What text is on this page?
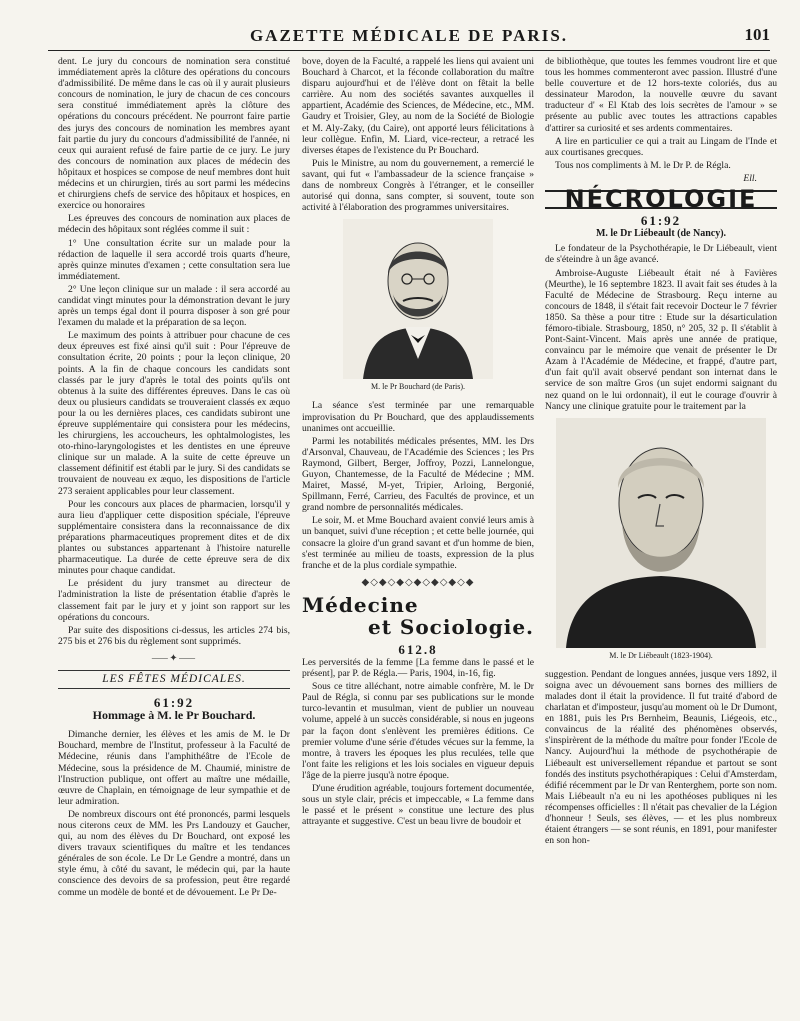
GAZETTE MÉDICALE DE PARIS.	101

dent. Le jury du concours de nomination sera constitué immédiatement après la clôture des opérations du concours d'admissibilité. De même dans le cas où il y aurait plusieurs concours de nomination, le jury de chacun de ces concours sera constitué immédiatement après la clôture des opérations du concours précédent. Ne pourront faire partie des jurys des concours de nomination les membres ayant fait partie du jury du concours d'admissibilité de l'année, ni ceux qui auraient refusé de faire partie de ce jury. Le jury des concours de nomination aux places de médecin des hôpitaux et hospices se compose de neuf membres dont huit médecins et un chirurgien, tirés au sort parmi les médecins et chirurgiens chefs de service des hôpitaux et hospices, en exercice ou honoraires

Les épreuves des concours de nomination aux places de médecin des hôpitaux sont réglées comme il suit :

1° Une consultation écrite sur un malade pour la rédaction de laquelle il sera accordé trois quarts d'heure, après quinze minutes d'examen ; cette consultation sera lue immédiatement.

2° Une leçon clinique sur un malade : il sera accordé au candidat vingt minutes pour la démonstration devant le jury après un temps égal dont il pourra disposer à son gré pour l'examen du malade et la préparation de sa leçon.

Le maximum des points à attribuer pour chacune de ces deux épreuves est fixé ainsi qu'il suit : Pour l'épreuve de consultation écrite, 20 points ; pour la leçon clinique, 20 points. A la fin de chaque concours les candidats sont classés par le jury d'après le total des points qu'ils ont obtenus à la suite des différentes épreuves. Dans le cas où deux ou plusieurs candidats se trouveraient classés ex æquo pour la ou les dernières places, ces candidats subiront une épreuve supplémentaire qui consistera pour les médecins, les chirurgiens, les accoucheurs, les ophtalmologistes, les oto-rhino-laryngologistes et les dentistes en une épreuve clinique sur un malade. A la suite de cette épreuve un classement définitif est établi par le jury. Si des candidats se trouvaient de nouveau ex æquo, les dispositions de l'article 273 seraient applicables pour leur classement.

Pour les concours aux places de pharmacien, lorsqu'il y aura lieu d'appliquer cette disposition spéciale, l'épreuve supplémentaire consistera dans la reconnaissance de dix préparations pharmaceutiques proprement dites et de dix plantes ou substances appartenant à l'histoire naturelle pharmaceutique. La durée de cette épreuve sera de dix minutes pour chaque candidat.

Le président du jury transmet au directeur de l'administration la liste de présentation établie d'après le classement fait par le jury et y joint son rapport sur les opérations du concours.

Par suite des dispositions ci-dessus, les articles 274 bis, 275 bis et 276 bis du règlement sont supprimés.

⸺✦⸺
LES FÊTES MÉDICALES.
61:92
Hommage à M. le Pr Bouchard.

Dimanche dernier, les élèves et les amis de M. le Dr Bouchard, membre de l'Institut, professeur à la Faculté de Médecine, réunis dans l'amphithéâtre de l'Ecole de Médecine, sous la présidence de M. Chaumié, ministre de l'Instruction publique, ont offert au maître une médaille, œuvre de Chaplain, en témoignage de leur sympathie et de leur admiration.

De nombreux discours ont été prononcés, parmi lesquels nous citerons ceux de MM. les Prs Landouzy et Gaucher, qui, au nom des élèves du Dr Bouchard, ont exposé les divers travaux scientifiques du maître et les tendances générales de son école. Le Dr Le Gendre a montré, dans un style ému, à côté du savant, le médecin qui, par la haute conscience des devoirs de sa profession, peut être regardé comme un modèle de bonté et de dévouement. Le Pr De-

bove, doyen de la Faculté, a rappelé les liens qui avaient uni Bouchard à Charcot, et la féconde collaboration du maître disparu aujourd'hui et de l'élève dont on fêtait la belle carrière. Au nom des sociétés savantes auxquelles il appartient, Académie des Sciences, de Médecine, etc., MM. Gaudry et Troisier, Gley, au nom de la Société de Biologie et M. Aly-Zaky, (du Caire), ont apporté leurs félicitations à leur collègue. Enfin, M. Liard, vice-recteur, a retracé les diverses étapes de l'existence du Pr Bouchard.

Puis le Ministre, au nom du gouvernement, a remercié le savant, qui fut « l'ambassadeur de la science française » dans de nombreux Congrès à l'étranger, et le conseiller autorisé qui donna, sans compter, si souvent, toute son activité à l'élaboration des programmes universitaires.

M. le Pr Bouchard (de Paris).

La séance s'est terminée par une remarquable improvisation du Pr Bouchard, que des applaudissements unanimes ont accueillie.

Parmi les notabilités médicales présentes, MM. les Drs d'Arsonval, Chauveau, de l'Académie des Sciences ; les Prs Raymond, Gilbert, Berger, Joffroy, Pozzi, Lannelongue, Guyon, Chantemesse, de la Faculté de Médecine ; MM. Mairet, Massé, M-yet, Tripier, Arloing, Bergonié, Spillmann, Ferré, Carrieu, des Facultés de province, et un grand nombre de personnalités médicales.

Le soir, M. et Mme Bouchard avaient convié leurs amis à un banquet, suivi d'une réception ; et cette belle journée, qui consacre la gloire d'un grand savant et d'un homme de bien, s'est terminée au milieu de toasts, expression de la plus franche et de la plus cordiale sympathie.

◆◇◆◇◆◇◆◇◆◇◆◇◆
Médecine
et Sociologie.
612.8

Les perversités de la femme [La femme dans le passé et le présent], par P. de Régla.— Paris, 1904, in-16, fig.

Sous ce titre alléchant, notre aimable confrère, M. le Dr Paul de Régla, si connu par ses publications sur le monde turco-levantin et musulman, vient de publier un nouveau volume, appelé à un succès considérable, si nous en jugeons par la façon dont s'enlèvent les premières éditions. Ce premier volume d'une série d'études vécues sur la femme, la montre, à travers les époques les plus reculées, telle que l'ont faite les religions et les lois sociales en vigueur depuis l'âge de la pierre jusqu'à notre époque.

D'une érudition agréable, toujours fortement documentée, sous un style clair, précis et impeccable, « La femme dans le passé et le présent » constitue une lecture des plus attrayante et suggestive. C'est un beau livre de boudoir et

de bibliothèque, que toutes les femmes voudront lire et que tous les hommes commenteront avec passion. Illustré d'une belle couverture et de 12 hors-texte coloriés, dus au dessinateur Marodon, la nouvelle œuvre du savant traducteur d' « El Ktab des lois secrètes de l'amour » se présente au public avec toutes les attractions capables d'attirer sa curiosité et ses ardents commentaires.

A lire en particulier ce qui a trait au Lingam de l'Inde et aux courtisanes grecques.

Tous nos compliments à M. le Dr P. de Régla.

Ell.
NÉCROLOGIE
61:92
M. le Dr Liébeault (de Nancy).

Le fondateur de la Psychothérapie, le Dr Liébeault, vient de s'éteindre à un âge avancé.

Ambroise-Auguste Liébeault était né à Favières (Meurthe), le 16 septembre 1823. Il avait fait ses études à la Faculté de Médecine de Strasbourg. Reçu interne au concours de 1848, il s'était fait recevoir Docteur le 7 février 1850. Sa thèse a pour titre : Etude sur la désarticulation fémoro-tibiale. Strasbourg, 1850, n° 205, 32 p. Il s'établit à Pont-Saint-Vincent. Mais après une année de pratique, convaincu par le mémoire que venait de présenter le Dr Azam à l'Académie de Médecine, et frappé, d'autre part, d'un fait qu'il avait observé pendant son internat dans le service de son maître Gros (un sujet endormi saignant du nez quand on le lui ordonnait), il eut le courage d'ouvrir à Nancy une clinique gratuite pour le traitement par la

M. le Dr Liébeault (1823-1904).

suggestion. Pendant de longues années, jusque vers 1892, il soigna avec un dévouement sans bornes des milliers de malades dont il était la providence. Il fut traité d'abord de charlatan et d'imposteur, jusqu'au moment où le Dr Dumont, en 1881, puis les Prs Bernheim, Beaunis, Liégeois, etc., convaincus de la réalité des phénomènes observés, s'inspirèrent de la méthode du maître pour fonder l'Ecole de Nancy. Aujourd'hui la méthode de psychothérapie de Liébeault est universellement répandue et partout se sont fondés des instituts psychothérapiques : Celui d'Amsterdam, édifié récemment par le Dr van Renterghem, porte son nom. Mais Liébeault n'a eu ni les apothéoses publiques ni les récompenses officielles : Il n'était pas chevalier de la Légion d'honneur ! Seuls, ses élèves, — et les plus nombreux étaient étrangers — se sont réunis, en 1891, pour manifester en son hon-
